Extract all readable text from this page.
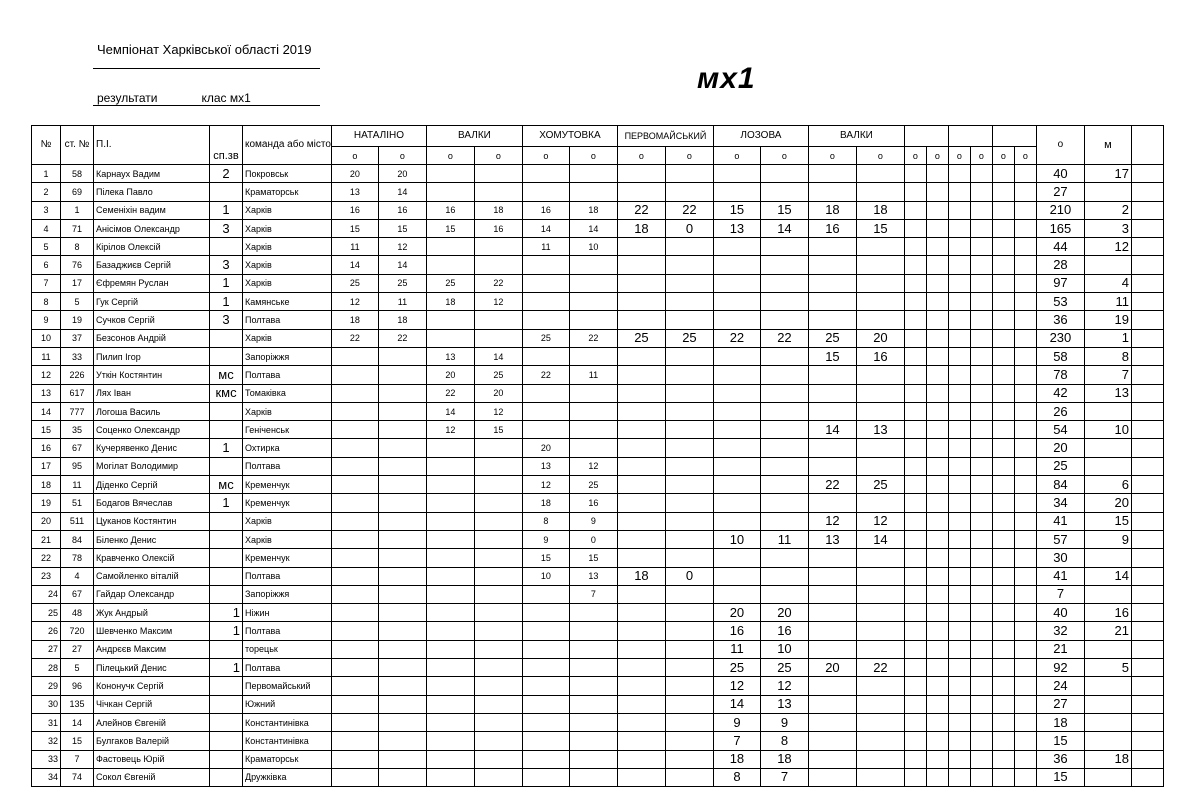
Чемпіонат Харківської області 2019
результати	клас мх1
мх1
№	ст. №	П.І.	сп.зв	команда або місто	НАТАЛІНО		ВАЛКИ		ХОМУТОВКА		ПЕРВОМАЙСЬКИЙ		ЛОЗОВА		ВАЛКИ								о	м	
					о	о	о	о	о	о	о	о	о	о	о	о	о	о	о	о	о	о			
1	58	Карнаух Вадим	2	Покровськ	20	20																	40	17	
2	69	Пілека Павло		Краматорськ	13	14																	27		
3	1	Семеніхін вадим	1	Харків	16	16	16	18	16	18	22	22	15	15	18	18							210	2	
4	71	Анісімов Олександр	3	Харків	15	15	15	16	14	14	18	0	13	14	16	15							165	3	
5	8	Кірілов Олексій		Харків	11	12			11	10													44	12	
6	76	Базаджиєв Сергій	3	Харків	14	14																	28		
7	17	Єфремян Руслан	1	Харків	25	25	25	22															97	4	
8	5	Гук Сергій	1	Камянське	12	11	18	12															53	11	
9	19	Сучков Сергій	3	Полтава	18	18																	36	19	
10	37	Безсонов Андрій		Харків	22	22			25	22	25	25	22	22	25	20							230	1	
11	33	Пилип Ігор		Запоріжжя			13	14							15	16							58	8	
12	226	Уткін Костянтин	мс	Полтава			20	25	22	11													78	7	
13	617	Лях Іван	кмс	Томаківка			22	20															42	13	
14	777	Логоша Василь		Харків			14	12															26		
15	35	Соценко Олександр		Геніченськ			12	15							14	13							54	10	
16	67	Кучерявенко Денис	1	Охтирка					20														20		
17	95	Могілат Володимир		Полтава					13	12													25		
18	11	Діденко Сергій	мс	Кременчук					12	25					22	25							84	6	
19	51	Бодагов Вячеслав	1	Кременчук					18	16													34	20	
20	511	Цуканов Костянтин		Харків					8	9					12	12							41	15	
21	84	Біленко Денис		Харків					9	0			10	11	13	14							57	9	
22	78	Кравченко Олексій		Кременчук					15	15													30		
23	4	Самойленко віталій		Полтава					10	13	18	0											41	14	
24	67	Гайдар Олександр		Запоріжжя						7													7		
25	48	Жук Андрый	1	Ніжин									20	20									40	16	
26	720	Шевченко Максим	1	Полтава									16	16									32	21	
27	27	Андрєєв Максим		торецьк									11	10									21		
28	5	Пілецький Денис	1	Полтава									25	25	20	22							92	5	
29	96	Кононучк Сергій		Первомайський									12	12									24		
30	135	Чічкан Сергій		Южний									14	13									27		
31	14	Алейнов Євгеній		Константинівка									9	9									18		
32	15	Булгаков Валерій		Константинівка									7	8									15		
33	7	Фастовець Юрій		Краматорськ									18	18									36	18	
34	74	Сокол Євгеній		Дружківка									8	7									15		
